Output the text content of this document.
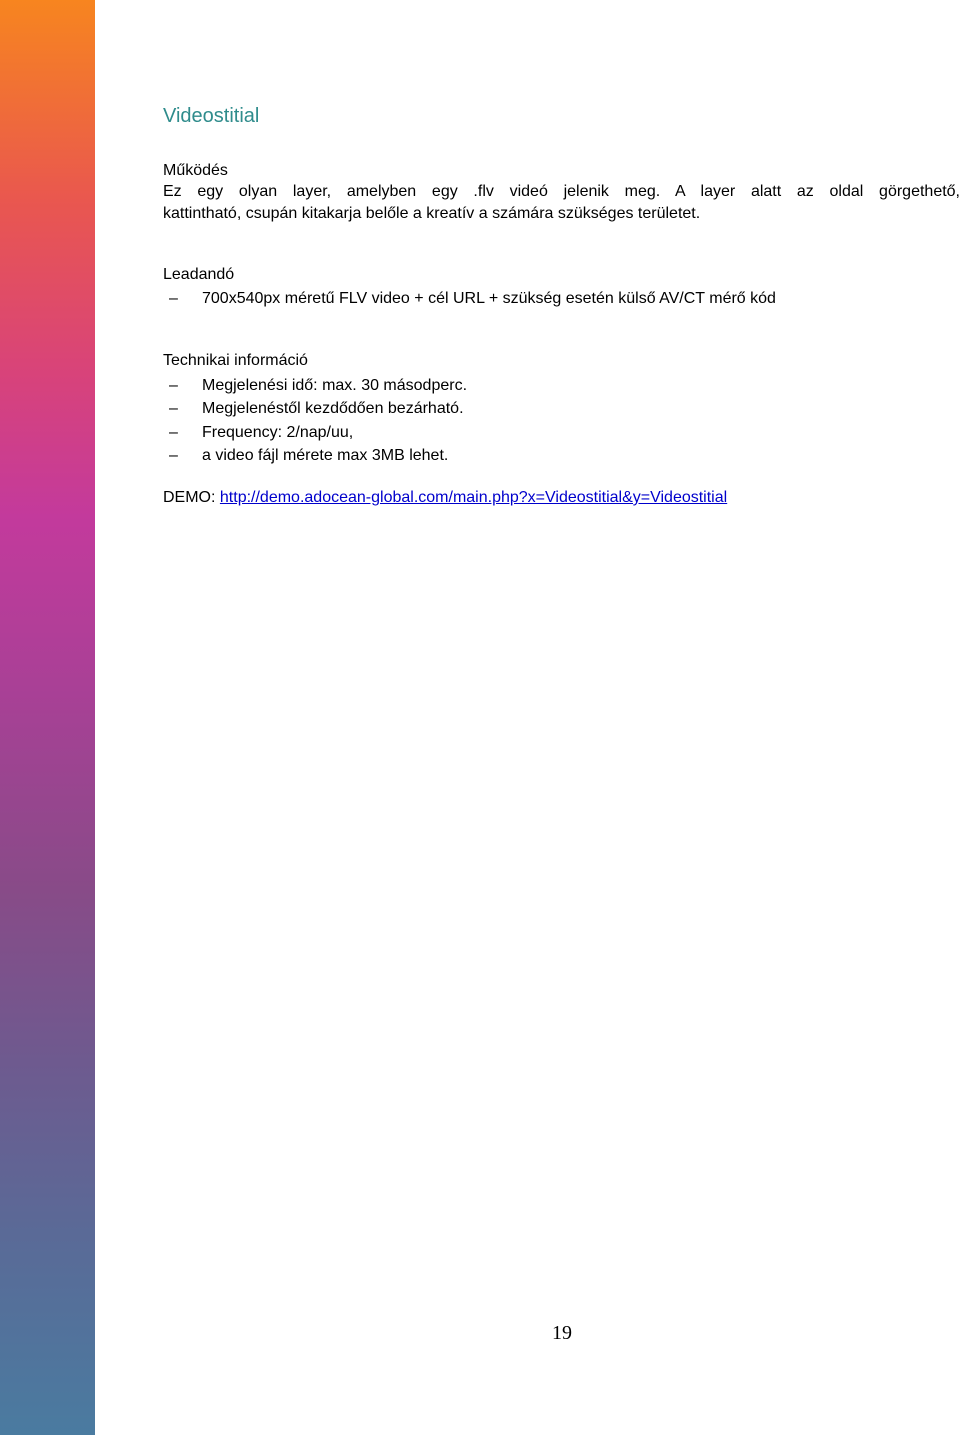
Videostitial
Működés
Ez egy olyan layer, amelyben egy .flv videó jelenik meg. A layer alatt az oldal görgethető,
kattintható, csupán kitakarja belőle a kreatív a számára szükséges területet.
Leadandó
– 700x540px méretű FLV video + cél URL + szükség esetén külső AV/CT mérő kód
Technikai információ
– Megjelenési idő: max. 30 másodperc.
– Megjelenéstől kezdődően bezárható.
– Frequency: 2/nap/uu,
– a video fájl mérete max 3MB lehet.
DEMO: http://demo.adocean-global.com/main.php?x=Videostitial&y=Videostitial
19
